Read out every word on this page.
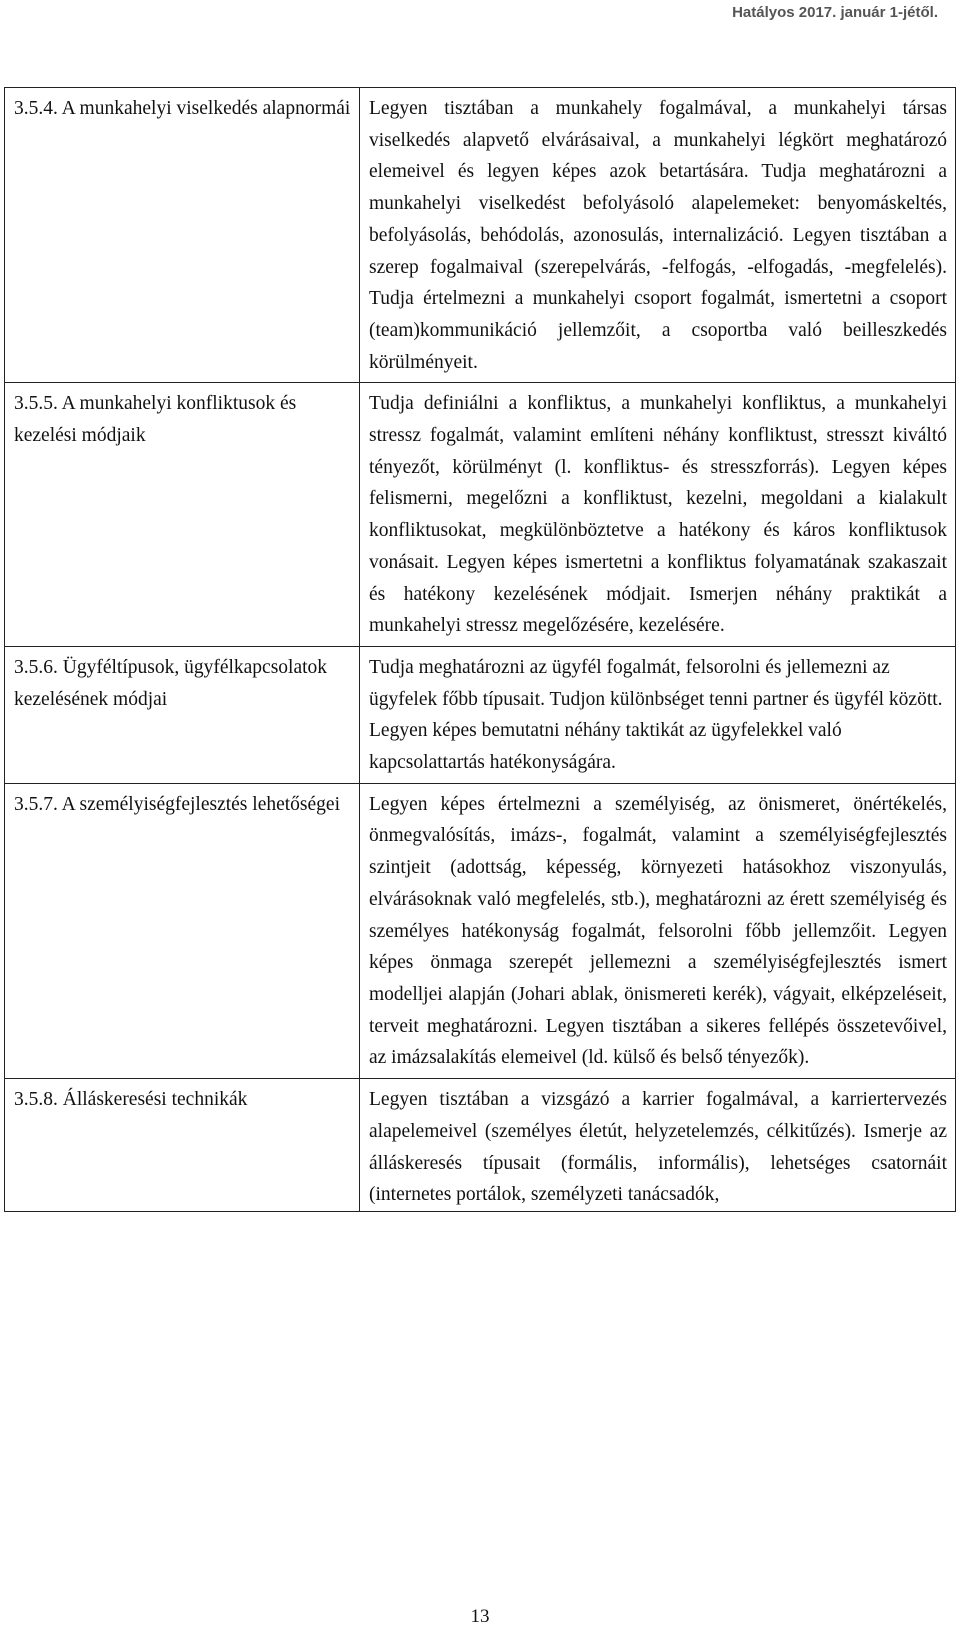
Hatályos 2017. január 1-jétől.
3.5.4. A munkahelyi viselkedés alapnormái	Legyen tisztában a munkahely fogalmával, a munkahelyi társas viselkedés alapvető elvárásaival, a munkahelyi légkört meghatározó elemeivel és legyen képes azok betartására. Tudja meghatározni a munkahelyi viselkedést befolyásoló alapelemeket: benyomáskeltés, befolyásolás, behódolás, azonosulás, internalizáció. Legyen tisztában a szerep fogalmaival (szerepelvárás, -felfogás, -elfogadás, -megfelelés). Tudja értelmezni a munkahelyi csoport fogalmát, ismertetni a csoport (team)kommunikáció jellemzőit, a csoportba való beilleszkedés körülményeit.

3.5.5. A munkahelyi konfliktusok és kezelési módjaik	Tudja definiálni a konfliktus, a munkahelyi konfliktus, a munkahelyi stressz fogalmát, valamint említeni néhány konfliktust, stresszt kiváltó tényezőt, körülményt (l. konfliktus- és stresszforrás). Legyen képes felismerni, megelőzni a konfliktust, kezelni, megoldani a kialakult konfliktusokat, megkülönböztetve a hatékony és káros konfliktusok vonásait. Legyen képes ismertetni a konfliktus folyamatának szakaszait és hatékony kezelésének módjait. Ismerjen néhány praktikát a munkahelyi stressz megelőzésére, kezelésére.

3.5.6. Ügyféltípusok, ügyfélkapcsolatok kezelésének módjai	Tudja meghatározni az ügyfél fogalmát, felsorolni és jellemezni az ügyfelek főbb típusait. Tudjon különbséget tenni partner és ügyfél között. Legyen képes bemutatni néhány taktikát az ügyfelekkel való kapcsolattartás hatékonyságára.

3.5.7. A személyiségfejlesztés lehetőségei	Legyen képes értelmezni a személyiség, az önismeret, önértékelés, önmegvalósítás, imázs-, fogalmát, valamint a személyiségfejlesztés szintjeit (adottság, képesség, környezeti hatásokhoz viszonyulás, elvárásoknak való megfelelés, stb.), meghatározni az érett személyiség és személyes hatékonyság fogalmát, felsorolni főbb jellemzőit. Legyen képes önmaga szerepét jellemezni a személyiségfejlesztés ismert modelljei alapján (Johari ablak, önismereti kerék), vágyait, elképzeléseit, terveit meghatározni. Legyen tisztában a sikeres fellépés összetevőivel, az imázsalakítás elemeivel (ld. külső és belső tényezők).

3.5.8. Álláskeresési technikák	Legyen tisztában a vizsgázó a karrier fogalmával, a karriertervezés alapelemeivel (személyes életút, helyzetelemzés, célkitűzés). Ismerje az álláskeresés típusait (formális, informális), lehetséges csatornáit (internetes portálok, személyzeti tanácsadók,
13
